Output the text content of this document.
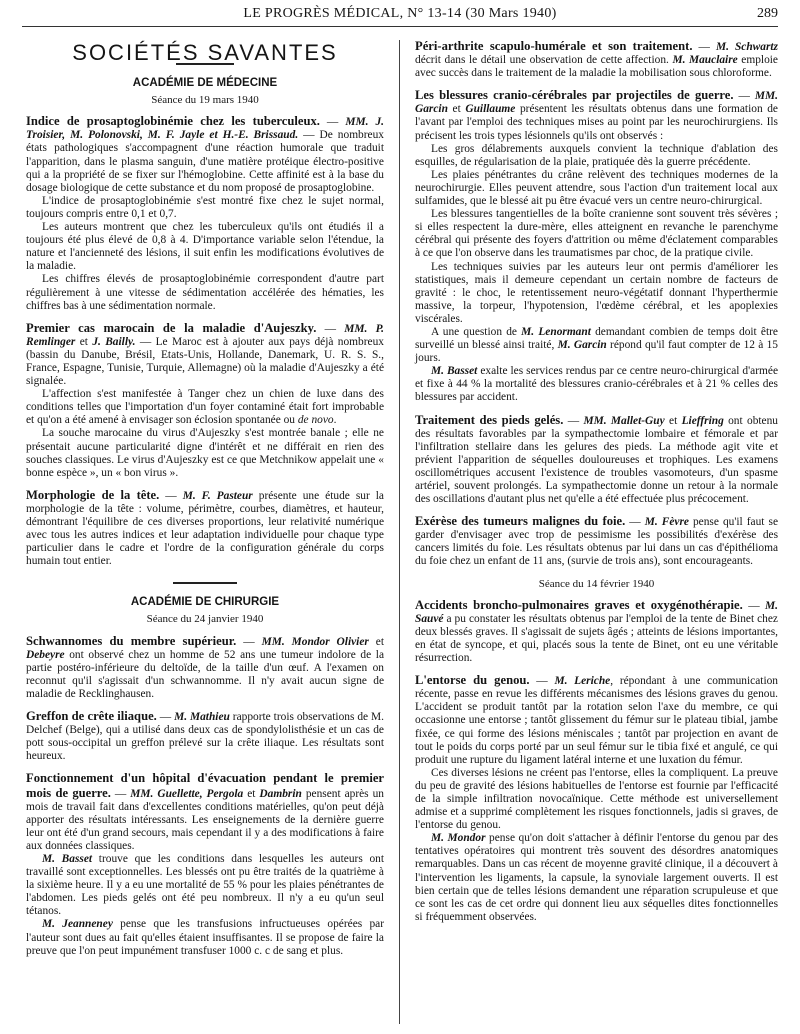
LE PROGRÈS MÉDICAL, N° 13-14 (30 Mars 1940)	289
SOCIÉTÉS SAVANTES
ACADÉMIE DE MÉDECINE
Séance du 19 mars 1940

Indice de prosaptoglobinémie chez les tuberculeux. — MM. J. Troisier, M. Polonovski, M. F. Jayle et H.-E. Brissaud. — De nombreux états pathologiques s'accompagnent d'une réaction humorale que traduit l'apparition, dans le plasma sanguin, d'une matière protéique électro-positive qui a la propriété de se fixer sur l'hémoglobine. Cette affinité est à la base du dosage biologique de cette substance et du nom proposé de prosaptoglobine.

L'indice de prosaptoglobinémie s'est montré fixe chez le sujet normal, toujours compris entre 0,1 et 0,7.

Les auteurs montrent que chez les tuberculeux qu'ils ont étudiés il a toujours été plus élevé de 0,8 à 4. D'importance variable selon l'étendue, la nature et l'ancienneté des lésions, il suit enfin les modifications évolutives de la maladie.

Les chiffres élevés de prosaptoglobinémie correspondent d'autre part régulièrement à une vitesse de sédimentation accélérée des hématies, les chiffres bas à une sédimentation normale.

Premier cas marocain de la maladie d'Aujeszky. — MM. P. Remlinger et J. Bailly. — Le Maroc est à ajouter aux pays déjà nombreux (bassin du Danube, Brésil, Etats-Unis, Hollande, Danemark, U. R. S. S., France, Espagne, Tunisie, Turquie, Allemagne) où la maladie d'Aujeszky a été signalée.

L'affection s'est manifestée à Tanger chez un chien de luxe dans des conditions telles que l'importation d'un foyer contaminé était fort improbable et qu'on a été amené à envisager son éclosion spontanée ou de novo.

La souche marocaine du virus d'Aujeszky s'est montrée banale ; elle ne présentait aucune particularité digne d'intérêt et ne différait en rien des souches classiques. Le virus d'Aujeszky est ce que Metchnikow appelait une « bonne espèce », un « bon virus ».

Morphologie de la tête. — M. F. Pasteur présente une étude sur la morphologie de la tête : volume, périmètre, courbes, diamètres, et hauteur, démontrant l'équilibre de ces diverses proportions, leur relativité numérique avec tous les autres indices et leur adaptation individuelle pour chaque type particulier dans le cadre et l'ordre de la configuration générale du corps humain tout entier.

ACADÉMIE DE CHIRURGIE
Séance du 24 janvier 1940

Schwannomes du membre supérieur. — MM. Mondor Olivier et Debeyre ont observé chez un homme de 52 ans une tumeur indolore de la partie postéro-inférieure du deltoïde, de la taille d'un œuf. A l'examen on reconnut qu'il s'agissait d'un schwannomme. Il n'y avait aucun signe de maladie de Recklinghausen.

Greffon de crête iliaque. — M. Mathieu rapporte trois observations de M. Delchef (Belge), qui a utilisé dans deux cas de spondylolisthésie et un cas de pott sous-occipital un greffon prélevé sur la crête iliaque. Les résultats sont heureux.

Fonctionnement d'un hôpital d'évacuation pendant le premier mois de guerre. — MM. Guellette, Pergola et Dambrin pensent après un mois de travail fait dans d'excellentes conditions matérielles, qu'on peut déjà apporter des résultats intéressants. Les enseignements de la dernière guerre leur ont été d'un grand secours, mais cependant il y a des modifications à faire aux données classiques.

M. Basset trouve que les conditions dans lesquelles les auteurs ont travaillé sont exceptionnelles. Les blessés ont pu être traités de la quatrième à la sixième heure. Il y a eu une mortalité de 55 % pour les plaies pénétrantes de l'abdomen. Les pieds gelés ont été peu nombreux. Il n'y a eu qu'un seul tétanos.

M. Jeanneney pense que les transfusions infructueuses opérées par l'auteur sont dues au fait qu'elles étaient insuffisantes. Il se propose de faire la preuve que l'on peut impunément transfuser 1000 c. c de sang et plus.

Péri-arthrite scapulo-humérale et son traitement. — M. Schwartz décrit dans le détail une observation de cette affection. M. Mauclaire emploie avec succès dans le traitement de la maladie la mobilisation sous chloroforme.

Les blessures cranio-cérébrales par projectiles de guerre. — MM. Garcin et Guillaume présentent les résultats obtenus dans une formation de l'avant par l'emploi des techniques mises au point par les neurochirurgiens. Ils précisent les trois types lésionnels qu'ils ont observés :

Les gros délabrements auxquels convient la technique d'ablation des esquilles, de régularisation de la plaie, pratiquée dès la guerre précédente.

Les plaies pénétrantes du crâne relèvent des techniques modernes de la neurochirurgie. Elles peuvent attendre, sous l'action d'un traitement local aux sulfamides, que le blessé ait pu être évacué vers un centre neuro-chirurgical.

Les blessures tangentielles de la boîte cranienne sont souvent très sévères ; si elles respectent la dure-mère, elles atteignent en revanche le parenchyme cérébral qui présente des foyers d'attrition ou même d'éclatement comparables à ce que l'on observe dans les traumatismes par choc, de la pratique civile.

Les techniques suivies par les auteurs leur ont permis d'améliorer les statistiques, mais il demeure cependant un certain nombre de facteurs de gravité : le choc, le retentissement neuro-végétatif donnant l'hyperthermie massive, la torpeur, l'hypotension, l'œdème cérébral, et les apoplexies viscérales.

A une question de M. Lenormant demandant combien de temps doit être surveillé un blessé ainsi traité, M. Garcin répond qu'il faut compter de 12 à 15 jours.

M. Basset exalte les services rendus par ce centre neuro-chirurgical d'armée et fixe à 44 % la mortalité des blessures cranio-cérébrales et à 21 % celles des blessures par accident.

Traitement des pieds gelés. — MM. Mallet-Guy et Lieffring ont obtenu des résultats favorables par la sympathectomie lombaire et fémorale et par l'infiltration stellaire dans les gelures des pieds. La méthode agit vite et prévient l'apparition de séquelles douloureuses et trophiques. Les examens oscillométriques accusent l'existence de troubles vasomoteurs, d'un spasme artériel, souvent prolongés. La sympathectomie donne un retour à la normale des oscillations d'autant plus net qu'elle a été effectuée plus précocement.

Exérèse des tumeurs malignes du foie. — M. Fèvre pense qu'il faut se garder d'envisager avec trop de pessimisme les possibilités d'exérèse des cancers limités du foie. Les résultats obtenus par lui dans un cas d'épithélioma du foie chez un enfant de 11 ans, (survie de trois ans), sont encourageants.

Séance du 14 février 1940

Accidents broncho-pulmonaires graves et oxygénothérapie. — M. Sauvé a pu constater les résultats obtenus par l'emploi de la tente de Binet chez deux blessés graves. Il s'agissait de sujets âgés ; atteints de lésions importantes, en état de syncope, et qui, placés sous la tente de Binet, ont eu une véritable résurrection.

L'entorse du genou. — M. Leriche, répondant à une communication récente, passe en revue les différents mécanismes des lésions graves du genou. L'accident se produit tantôt par la rotation selon l'axe du membre, ce qui occasionne une entorse ; tantôt glissement du fémur sur le plateau tibial, jambe fixée, ce qui forme des lésions méniscales ; tantôt par projection en avant de tout le poids du corps porté par un seul fémur sur le tibia fixé et angulé, ce qui produit une rupture du ligament latéral interne et une luxation du fémur.

Ces diverses lésions ne créent pas l'entorse, elles la compliquent. La preuve du peu de gravité des lésions habituelles de l'entorse est fournie par l'efficacité de la simple infiltration novocaïnique. Cette méthode est universellement admise et a supprimé complètement les risques fonctionnels, jadis si graves, de l'entorse du genou.

M. Mondor pense qu'on doit s'attacher à définir l'entorse du genou par des tentatives opératoires qui montrent très souvent des désordres anatomiques remarquables. Dans un cas récent de moyenne gravité clinique, il a découvert à l'intervention les ligaments, la capsule, la synoviale largement ouverts. Il est bien certain que de telles lésions demandent une réparation scrupuleuse et que ce sont les cas de cet ordre qui donnent lieu aux séquelles dites fonctionnelles si fréquemment observées.
